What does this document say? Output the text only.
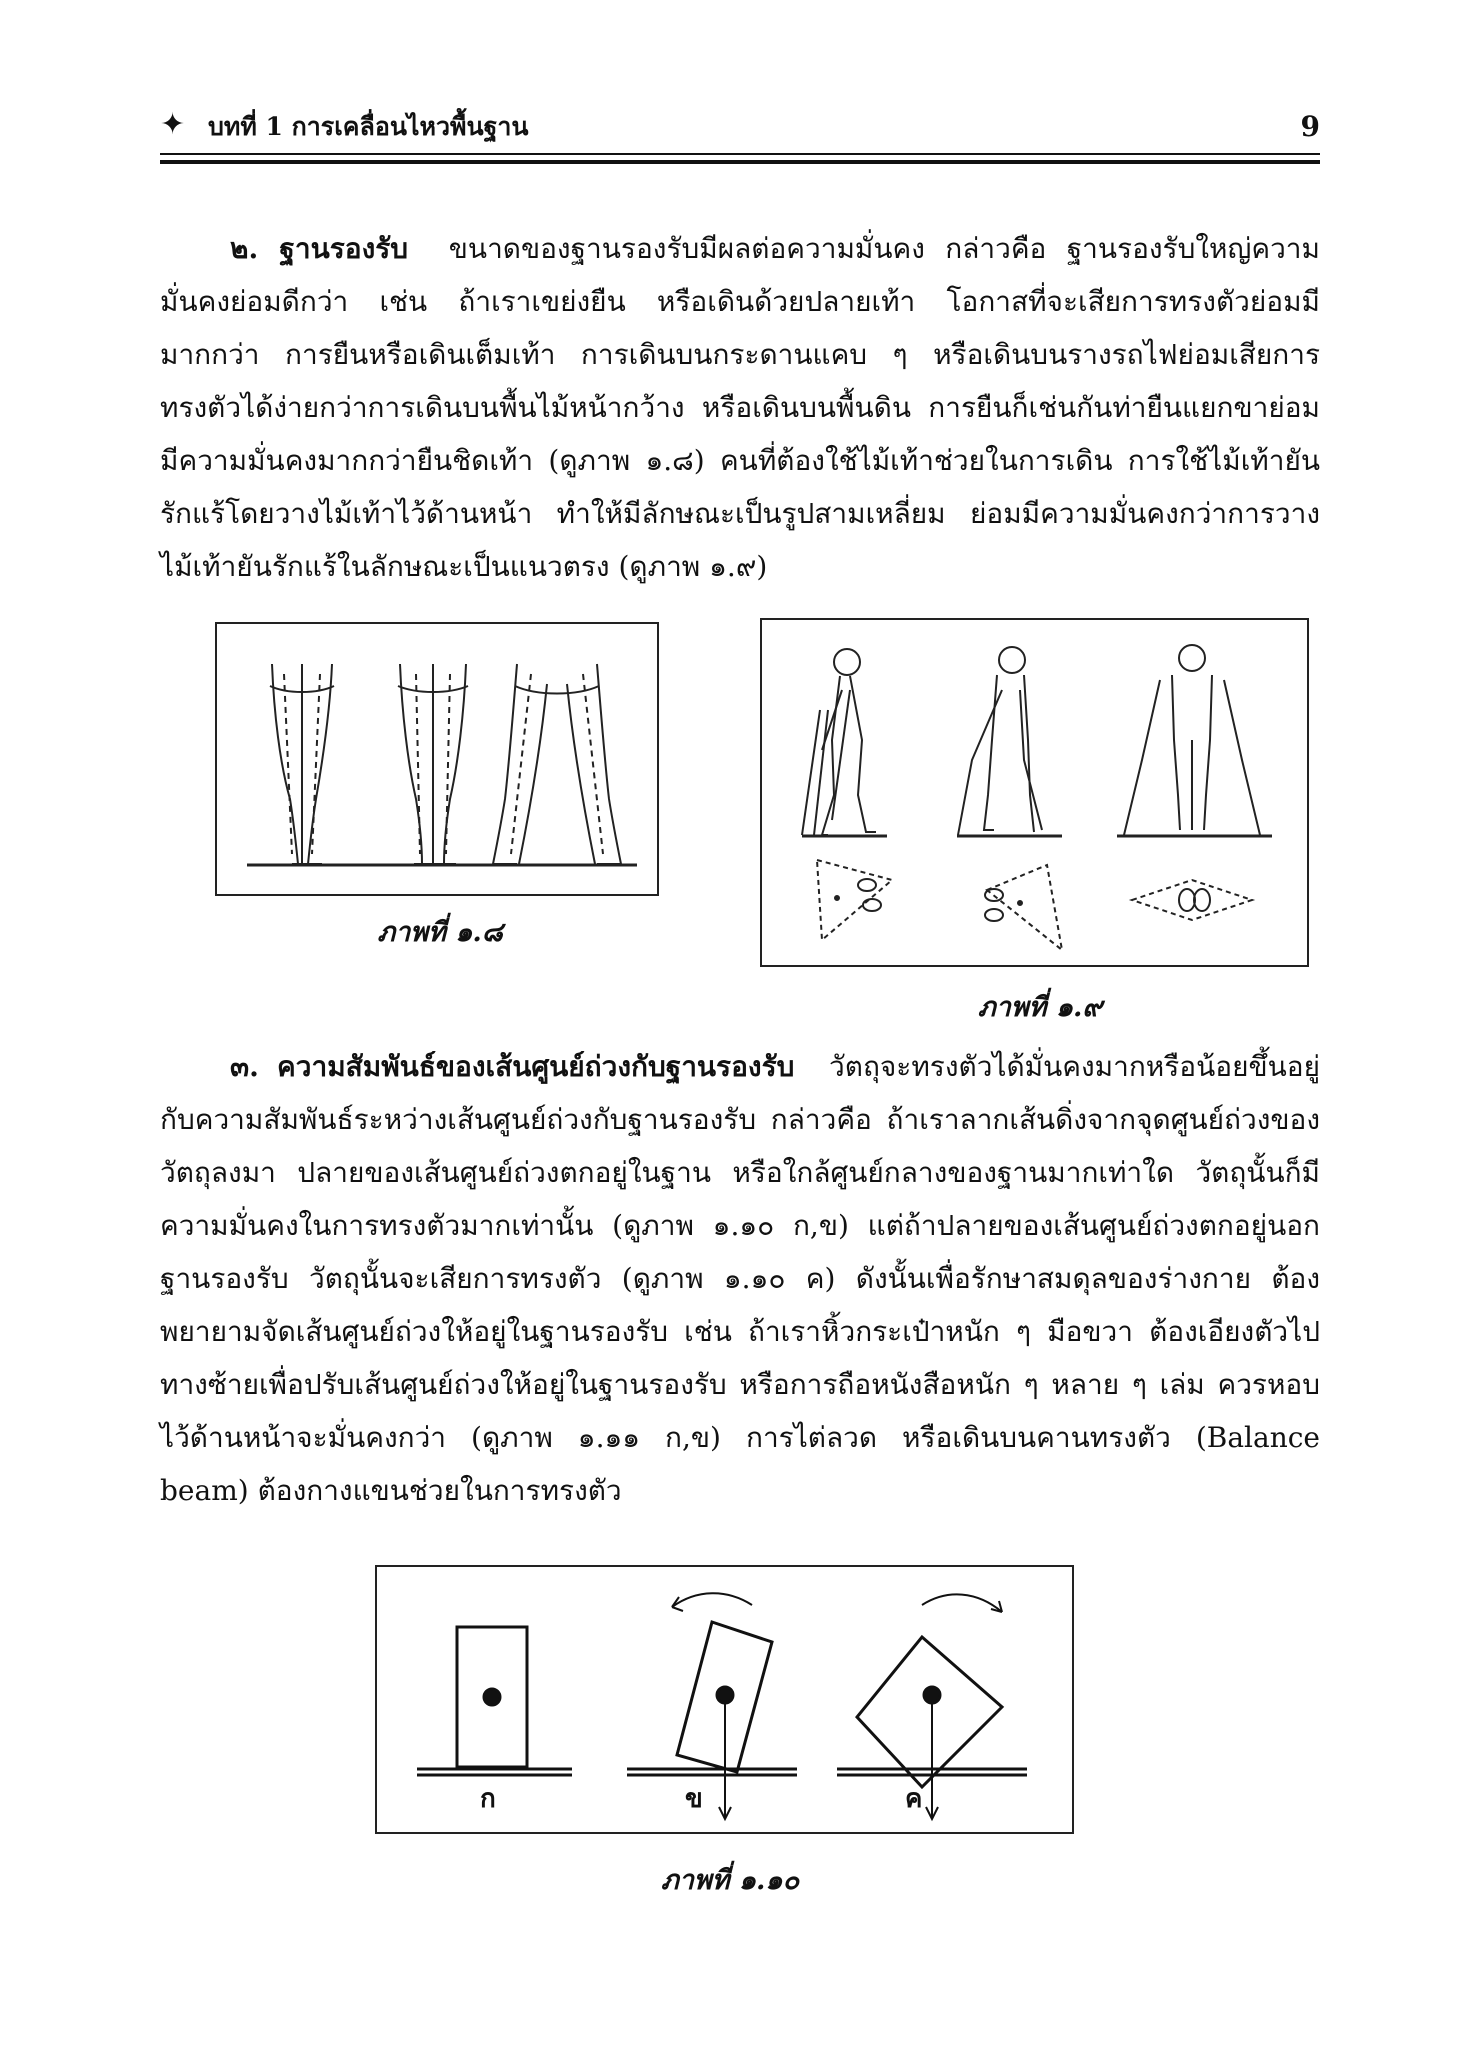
✦ บทที่ 1 การเคลื่อนไหวพื้นฐาน	9
๒. ฐานรองรับ ขนาดของฐานรองรับมีผลต่อความมั่นคง กล่าวคือ ฐานรองรับใหญ่ความมั่นคงย่อมดีกว่า เช่น ถ้าเราเขย่งยืน หรือเดินด้วยปลายเท้า โอกาสที่จะเสียการทรงตัวย่อมมีมากกว่า การยืนหรือเดินเต็มเท้า การเดินบนกระดานแคบ ๆ หรือเดินบนรางรถไฟย่อมเสียการทรงตัวได้ง่ายกว่าการเดินบนพื้นไม้หน้ากว้าง หรือเดินบนพื้นดิน การยืนก็เช่นกันท่ายืนแยกขาย่อมมีความมั่นคงมากกว่ายืนชิดเท้า (ดูภาพ ๑.๘) คนที่ต้องใช้ไม้เท้าช่วยในการเดิน การใช้ไม้เท้ายันรักแร้โดยวางไม้เท้าไว้ด้านหน้า ทำให้มีลักษณะเป็นรูปสามเหลี่ยม ย่อมมีความมั่นคงกว่าการวางไม้เท้ายันรักแร้ในลักษณะเป็นแนวตรง (ดูภาพ ๑.๙)
ภาพที่ ๑.๘
ภาพที่ ๑.๙
๓. ความสัมพันธ์ของเส้นศูนย์ถ่วงกับฐานรองรับ วัตถุจะทรงตัวได้มั่นคงมากหรือน้อยขึ้นอยู่กับความสัมพันธ์ระหว่างเส้นศูนย์ถ่วงกับฐานรองรับ กล่าวคือ ถ้าเราลากเส้นดิ่งจากจุดศูนย์ถ่วงของวัตถุลงมา ปลายของเส้นศูนย์ถ่วงตกอยู่ในฐาน หรือใกล้ศูนย์กลางของฐานมากเท่าใด วัตถุนั้นก็มีความมั่นคงในการทรงตัวมากเท่านั้น (ดูภาพ ๑.๑๐ ก,ข) แต่ถ้าปลายของเส้นศูนย์ถ่วงตกอยู่นอกฐานรองรับ วัตถุนั้นจะเสียการทรงตัว (ดูภาพ ๑.๑๐ ค) ดังนั้นเพื่อรักษาสมดุลของร่างกาย ต้องพยายามจัดเส้นศูนย์ถ่วงให้อยู่ในฐานรองรับ เช่น ถ้าเราหิ้วกระเป๋าหนัก ๆ มือขวา ต้องเอียงตัวไปทางซ้ายเพื่อปรับเส้นศูนย์ถ่วงให้อยู่ในฐานรองรับ หรือการถือหนังสือหนัก ๆ หลาย ๆ เล่ม ควรหอบไว้ด้านหน้าจะมั่นคงกว่า (ดูภาพ ๑.๑๑ ก,ข) การไต่ลวด หรือเดินบนคานทรงตัว (Balance beam) ต้องกางแขนช่วยในการทรงตัว
ก	ข	ค
ภาพที่ ๑.๑๐
